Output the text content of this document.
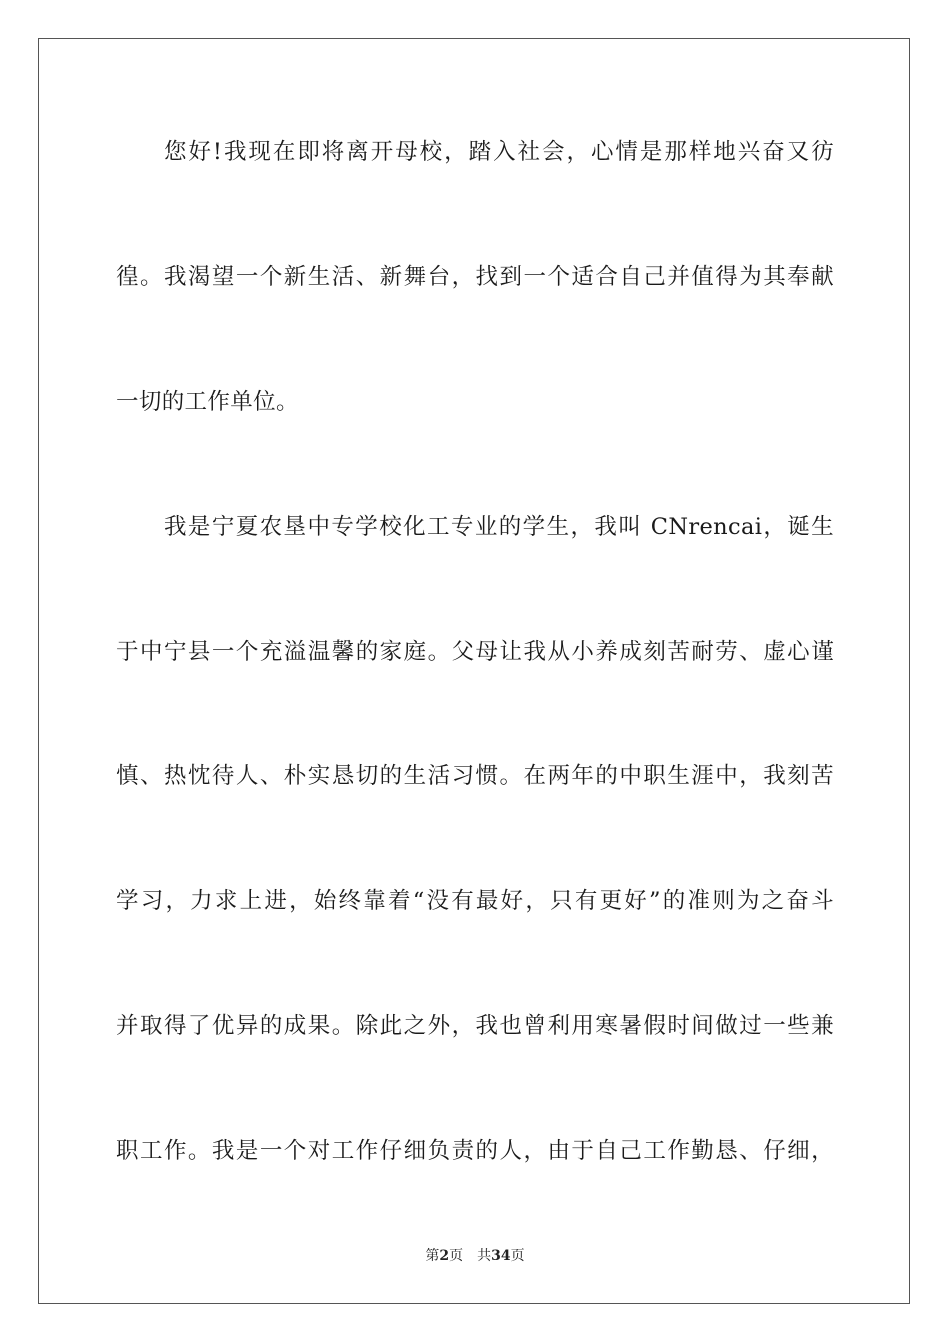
您好!我现在即将离开母校，踏入社会，心情是那样地兴奋又彷
徨。我渴望一个新生活、新舞台，找到一个适合自己并值得为其奉献
一切的工作单位。
我是宁夏农垦中专学校化工专业的学生，我叫 CNrencai，诞生
于中宁县一个充溢温馨的家庭。父母让我从小养成刻苦耐劳、虚心谨
慎、热忱待人、朴实恳切的生活习惯。在两年的中职生涯中，我刻苦
学习，力求上进，始终靠着“没有最好，只有更好”的准则为之奋斗
并取得了优异的成果。除此之外，我也曾利用寒暑假时间做过一些兼
职工作。我是一个对工作仔细负责的人，由于自己工作勤恳、仔细，
第2页 共34页
